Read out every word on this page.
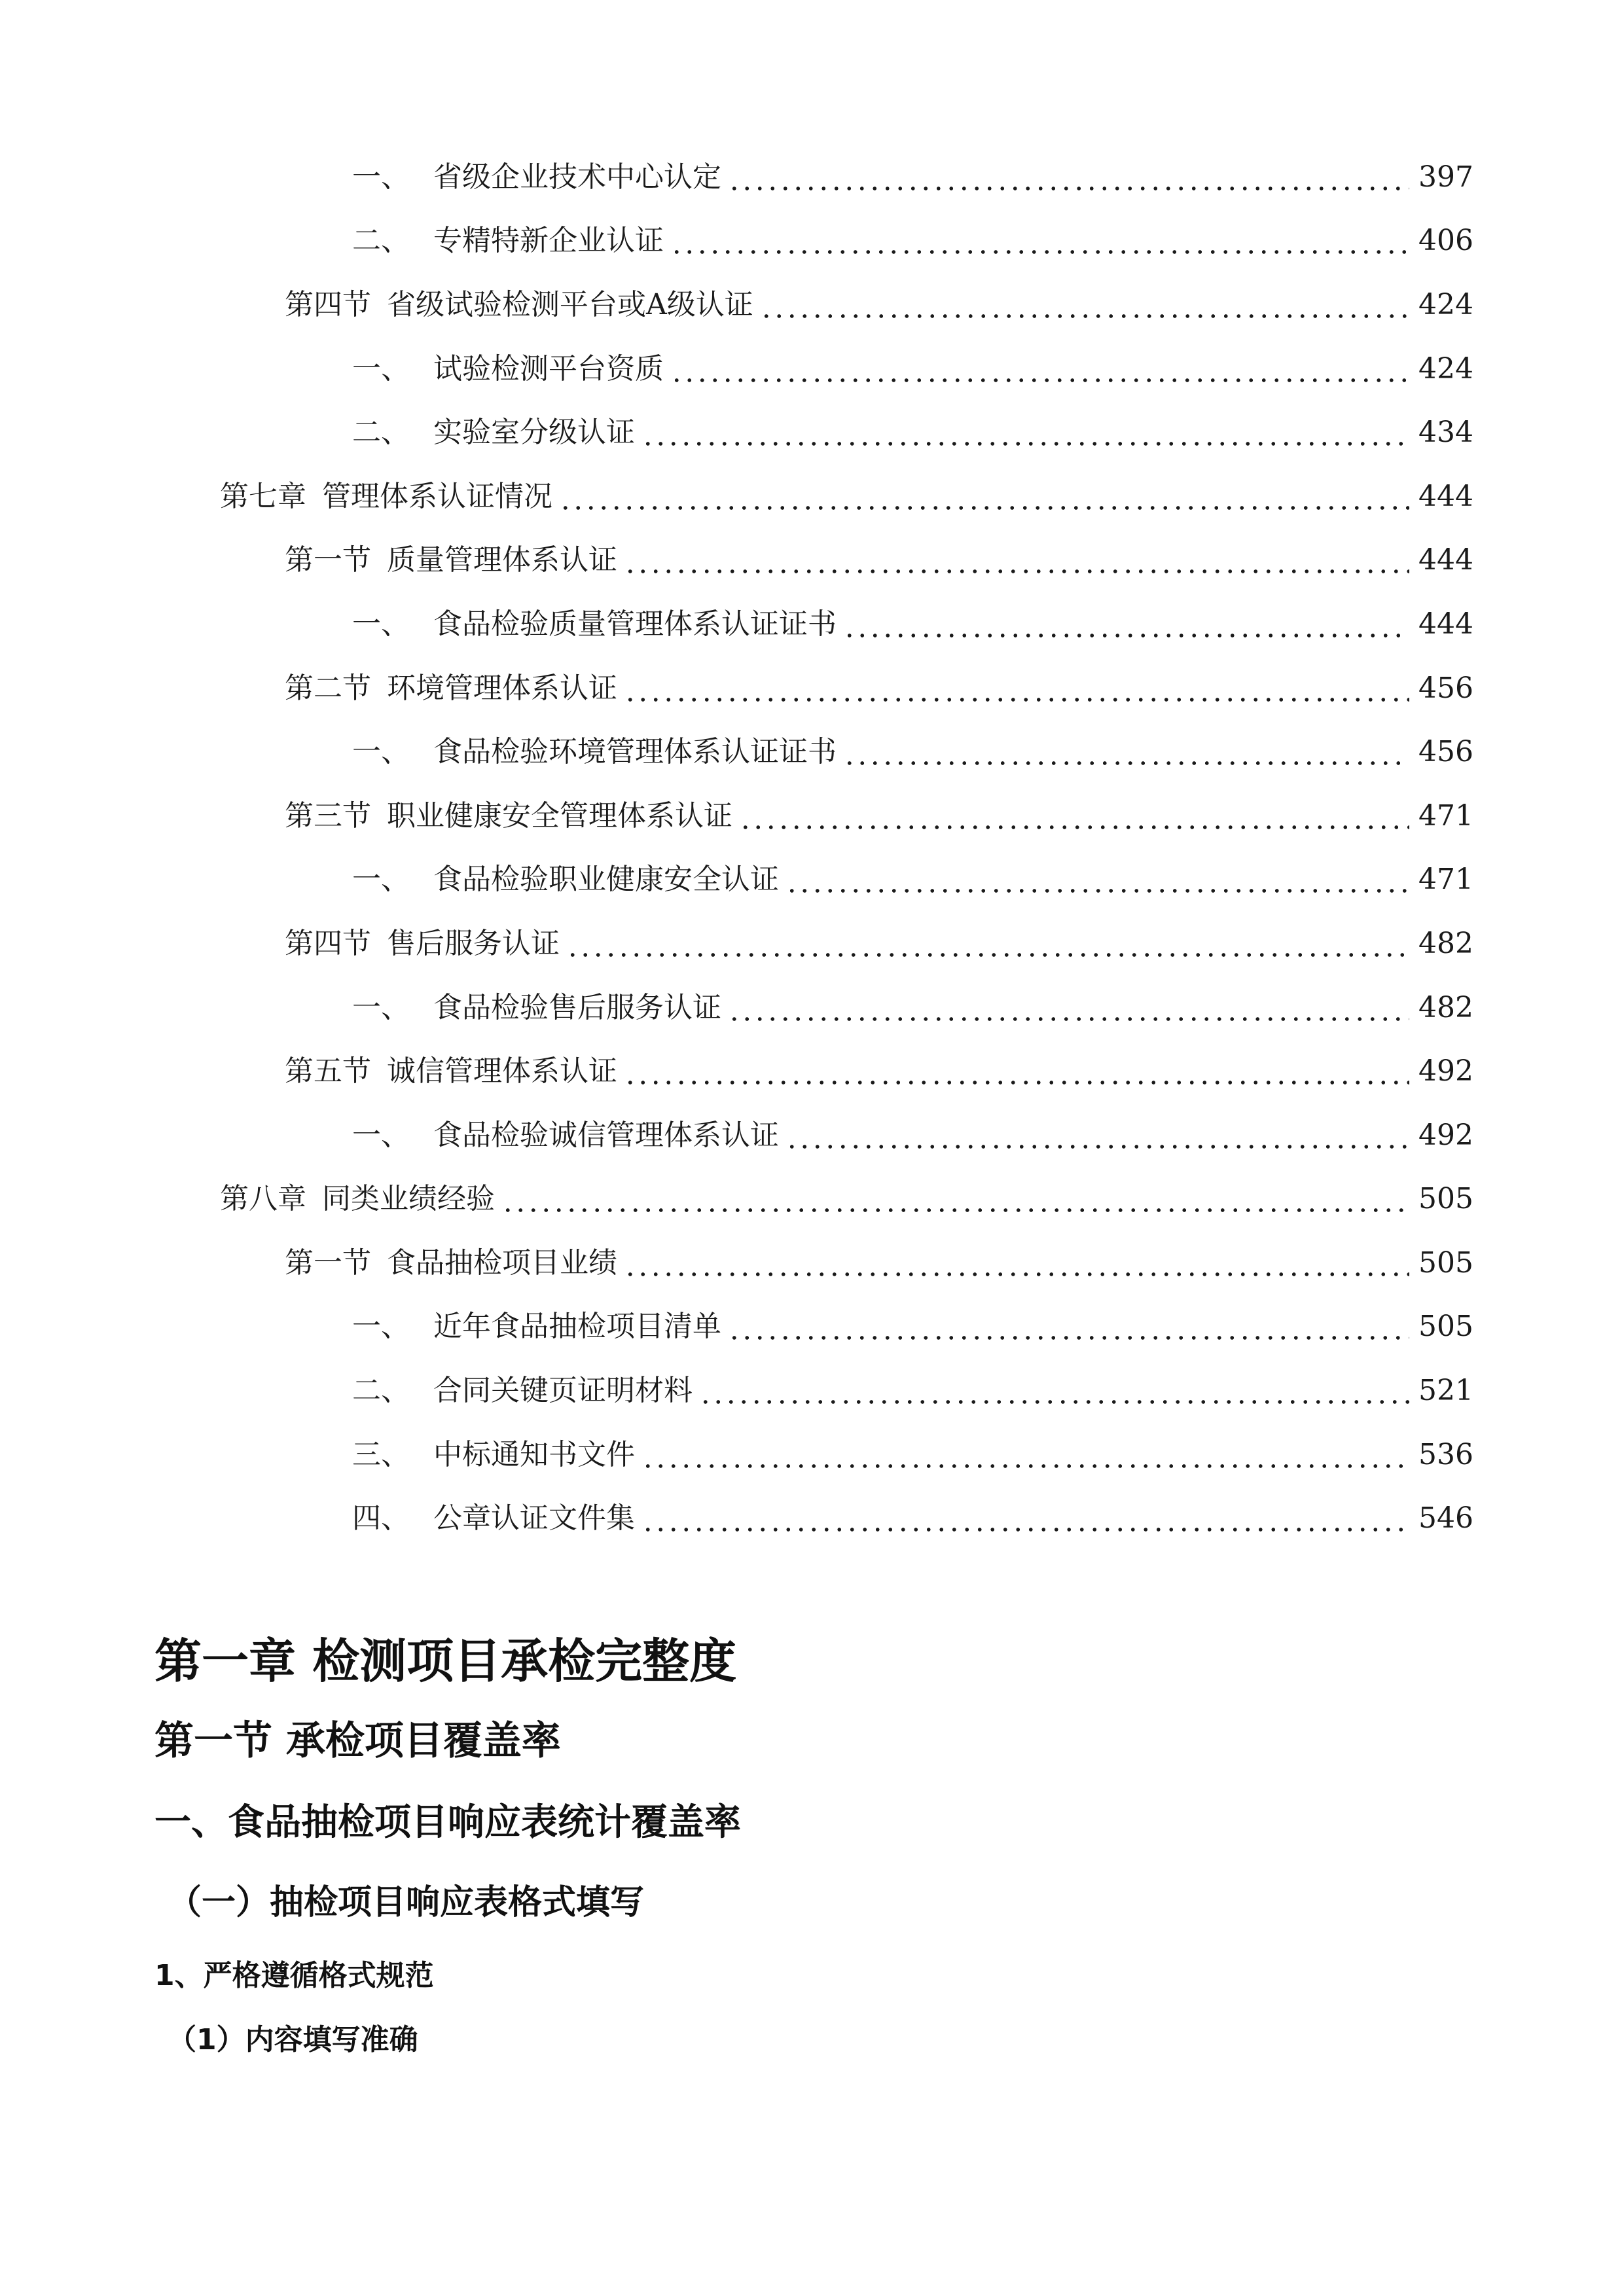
一、 省级企业技术中心认定	397
二、 专精特新企业认证	406
第四节 省级试验检测平台或A级认证	424
一、 试验检测平台资质	424
二、 实验室分级认证	434
第七章 管理体系认证情况	444
第一节 质量管理体系认证	444
一、 食品检验质量管理体系认证证书	444
第二节 环境管理体系认证	456
一、 食品检验环境管理体系认证证书	456
第三节 职业健康安全管理体系认证	471
一、 食品检验职业健康安全认证	471
第四节 售后服务认证	482
一、 食品检验售后服务认证	482
第五节 诚信管理体系认证	492
一、 食品检验诚信管理体系认证	492
第八章 同类业绩经验	505
第一节 食品抽检项目业绩	505
一、 近年食品抽检项目清单	505
二、 合同关键页证明材料	521
三、 中标通知书文件	536
四、 公章认证文件集	546
第一章 检测项目承检完整度
第一节 承检项目覆盖率
一、食品抽检项目响应表统计覆盖率
（一）抽检项目响应表格式填写
1、严格遵循格式规范
（1）内容填写准确
